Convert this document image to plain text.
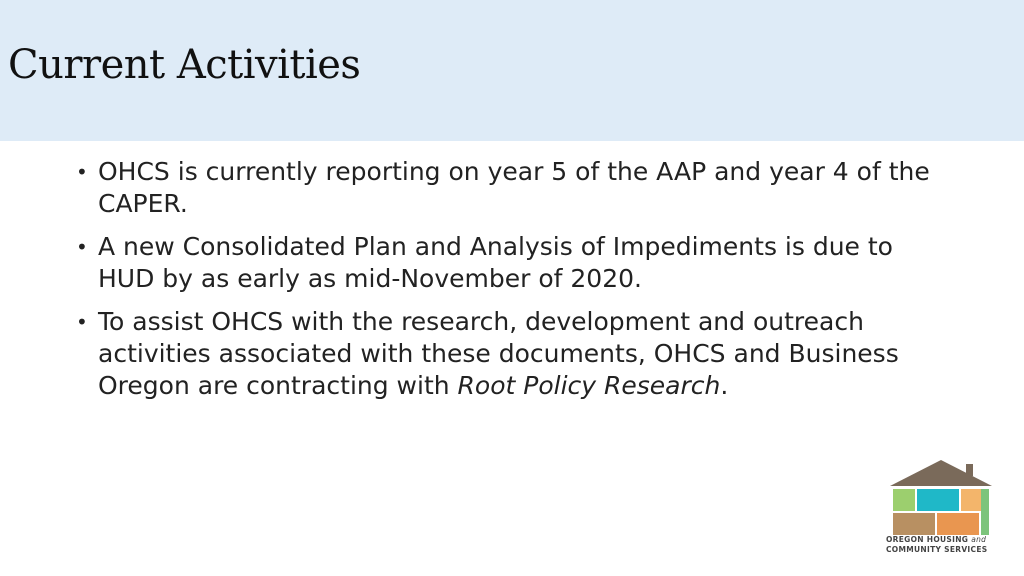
Current Activities
• OHCS is currently reporting on year 5 of the AAP and year 4 of the CAPER.
• A new Consolidated Plan and Analysis of Impediments is due to HUD by as early as mid-November of 2020.
• To assist OHCS with the research, development and outreach activities associated with these documents, OHCS and Business Oregon are contracting with Root Policy Research.
OREGON HOUSING and
COMMUNITY SERVICES
